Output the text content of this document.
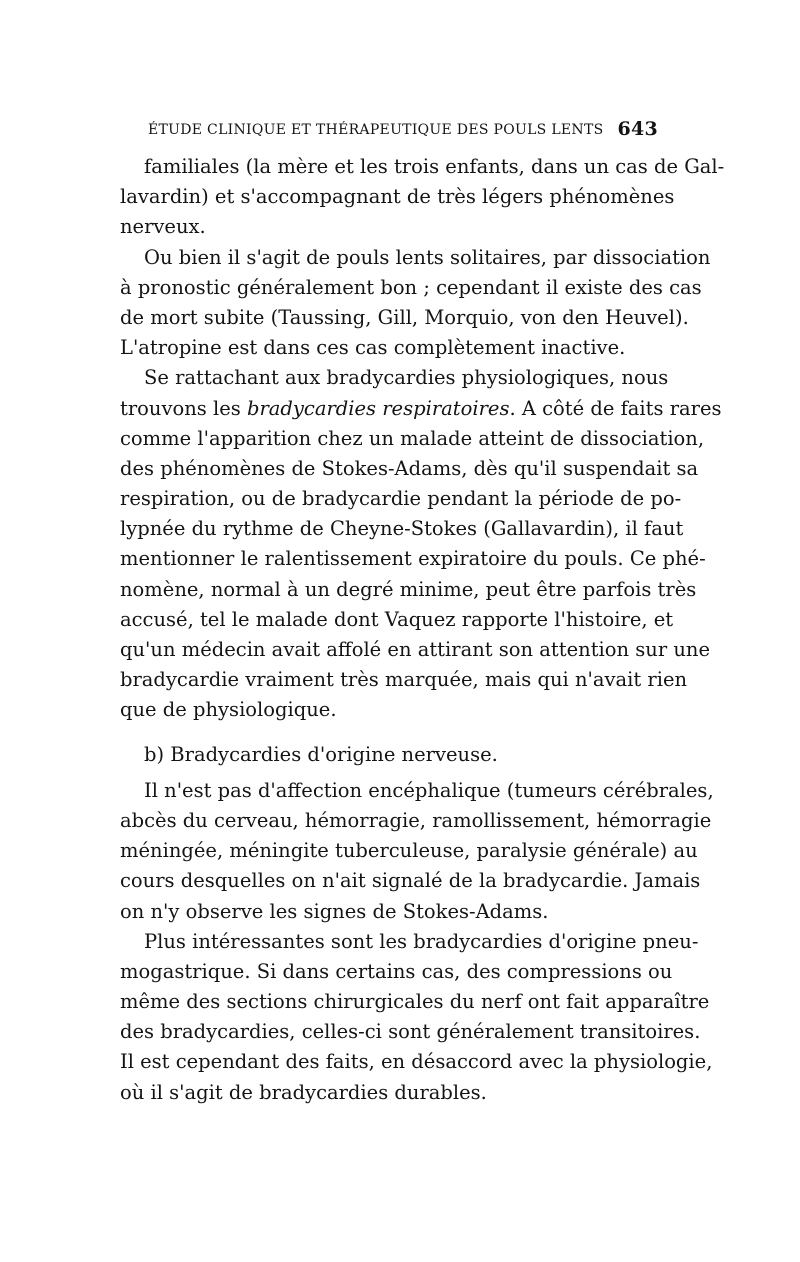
ÉTUDE CLINIQUE ET THÉRAPEUTIQUE DES POULS LENTS 643
familiales (la mère et les trois enfants, dans un cas de Gal-
lavardin) et s'accompagnant de très légers phénomènes
nerveux.
Ou bien il s'agit de pouls lents solitaires, par dissociation
à pronostic généralement bon ; cependant il existe des cas
de mort subite (Taussing, Gill, Morquio, von den Heuvel).
L'atropine est dans ces cas complètement inactive.
Se rattachant aux bradycardies physiologiques, nous
trouvons les bradycardies respiratoires. A côté de faits rares
comme l'apparition chez un malade atteint de dissociation,
des phénomènes de Stokes-Adams, dès qu'il suspendait sa
respiration, ou de bradycardie pendant la période de po-
lypnée du rythme de Cheyne-Stokes (Gallavardin), il faut
mentionner le ralentissement expiratoire du pouls. Ce phé-
nomène, normal à un degré minime, peut être parfois très
accusé, tel le malade dont Vaquez rapporte l'histoire, et
qu'un médecin avait affolé en attirant son attention sur une
bradycardie vraiment très marquée, mais qui n'avait rien
que de physiologique.
b) Bradycardies d'origine nerveuse.
Il n'est pas d'affection encéphalique (tumeurs cérébrales,
abcès du cerveau, hémorragie, ramollissement, hémorragie
méningée, méningite tuberculeuse, paralysie générale) au
cours desquelles on n'ait signalé de la bradycardie. Jamais
on n'y observe les signes de Stokes-Adams.
Plus intéressantes sont les bradycardies d'origine pneu-
mogastrique. Si dans certains cas, des compressions ou
même des sections chirurgicales du nerf ont fait apparaître
des bradycardies, celles-ci sont généralement transitoires.
Il est cependant des faits, en désaccord avec la physiologie,
où il s'agit de bradycardies durables.
